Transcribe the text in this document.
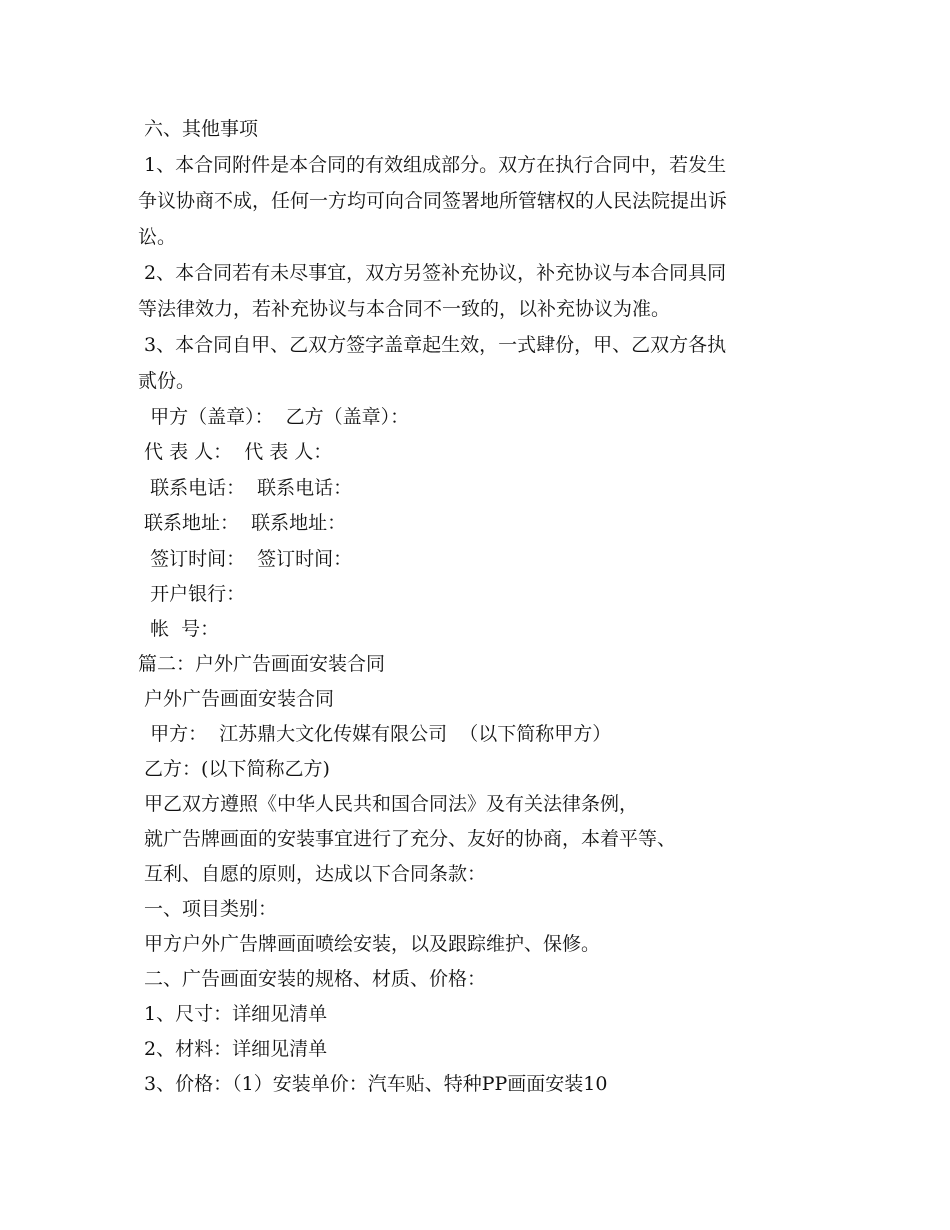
六、其他事项

1、本合同附件是本合同的有效组成部分。双方在执行合同中，若发生

争议协商不成，任何一方均可向合同签署地所管辖权的人民法院提出诉

讼。

2、本合同若有未尽事宜，双方另签补充协议，补充协议与本合同具同

等法律效力，若补充协议与本合同不一致的，以补充协议为准。

3、本合同自甲、乙双方签字盖章起生效，一式肆份，甲、乙双方各执

贰份。

甲方（盖章）：  乙方（盖章）：

代 表 人：  代 表 人：

联系电话：  联系电话：

联系地址：  联系地址：

签订时间：  签订时间：

开户银行：

帐  号：

篇二：户外广告画面安装合同

户外广告画面安装合同

甲方：  江苏鼎大文化传媒有限公司  （以下简称甲方）

乙方：(以下简称乙方)

甲乙双方遵照《中华人民共和国合同法》及有关法律条例，

就广告牌画面的安装事宜进行了充分、友好的协商，本着平等、

互利、自愿的原则，达成以下合同条款：

一、项目类别：

甲方户外广告牌画面喷绘安装，以及跟踪维护、保修。

二、广告画面安装的规格、材质、价格：

1、尺寸：详细见清单

2、材料：详细见清单

3、价格：（1）安装单价：汽车贴、特种PP画面安装10
